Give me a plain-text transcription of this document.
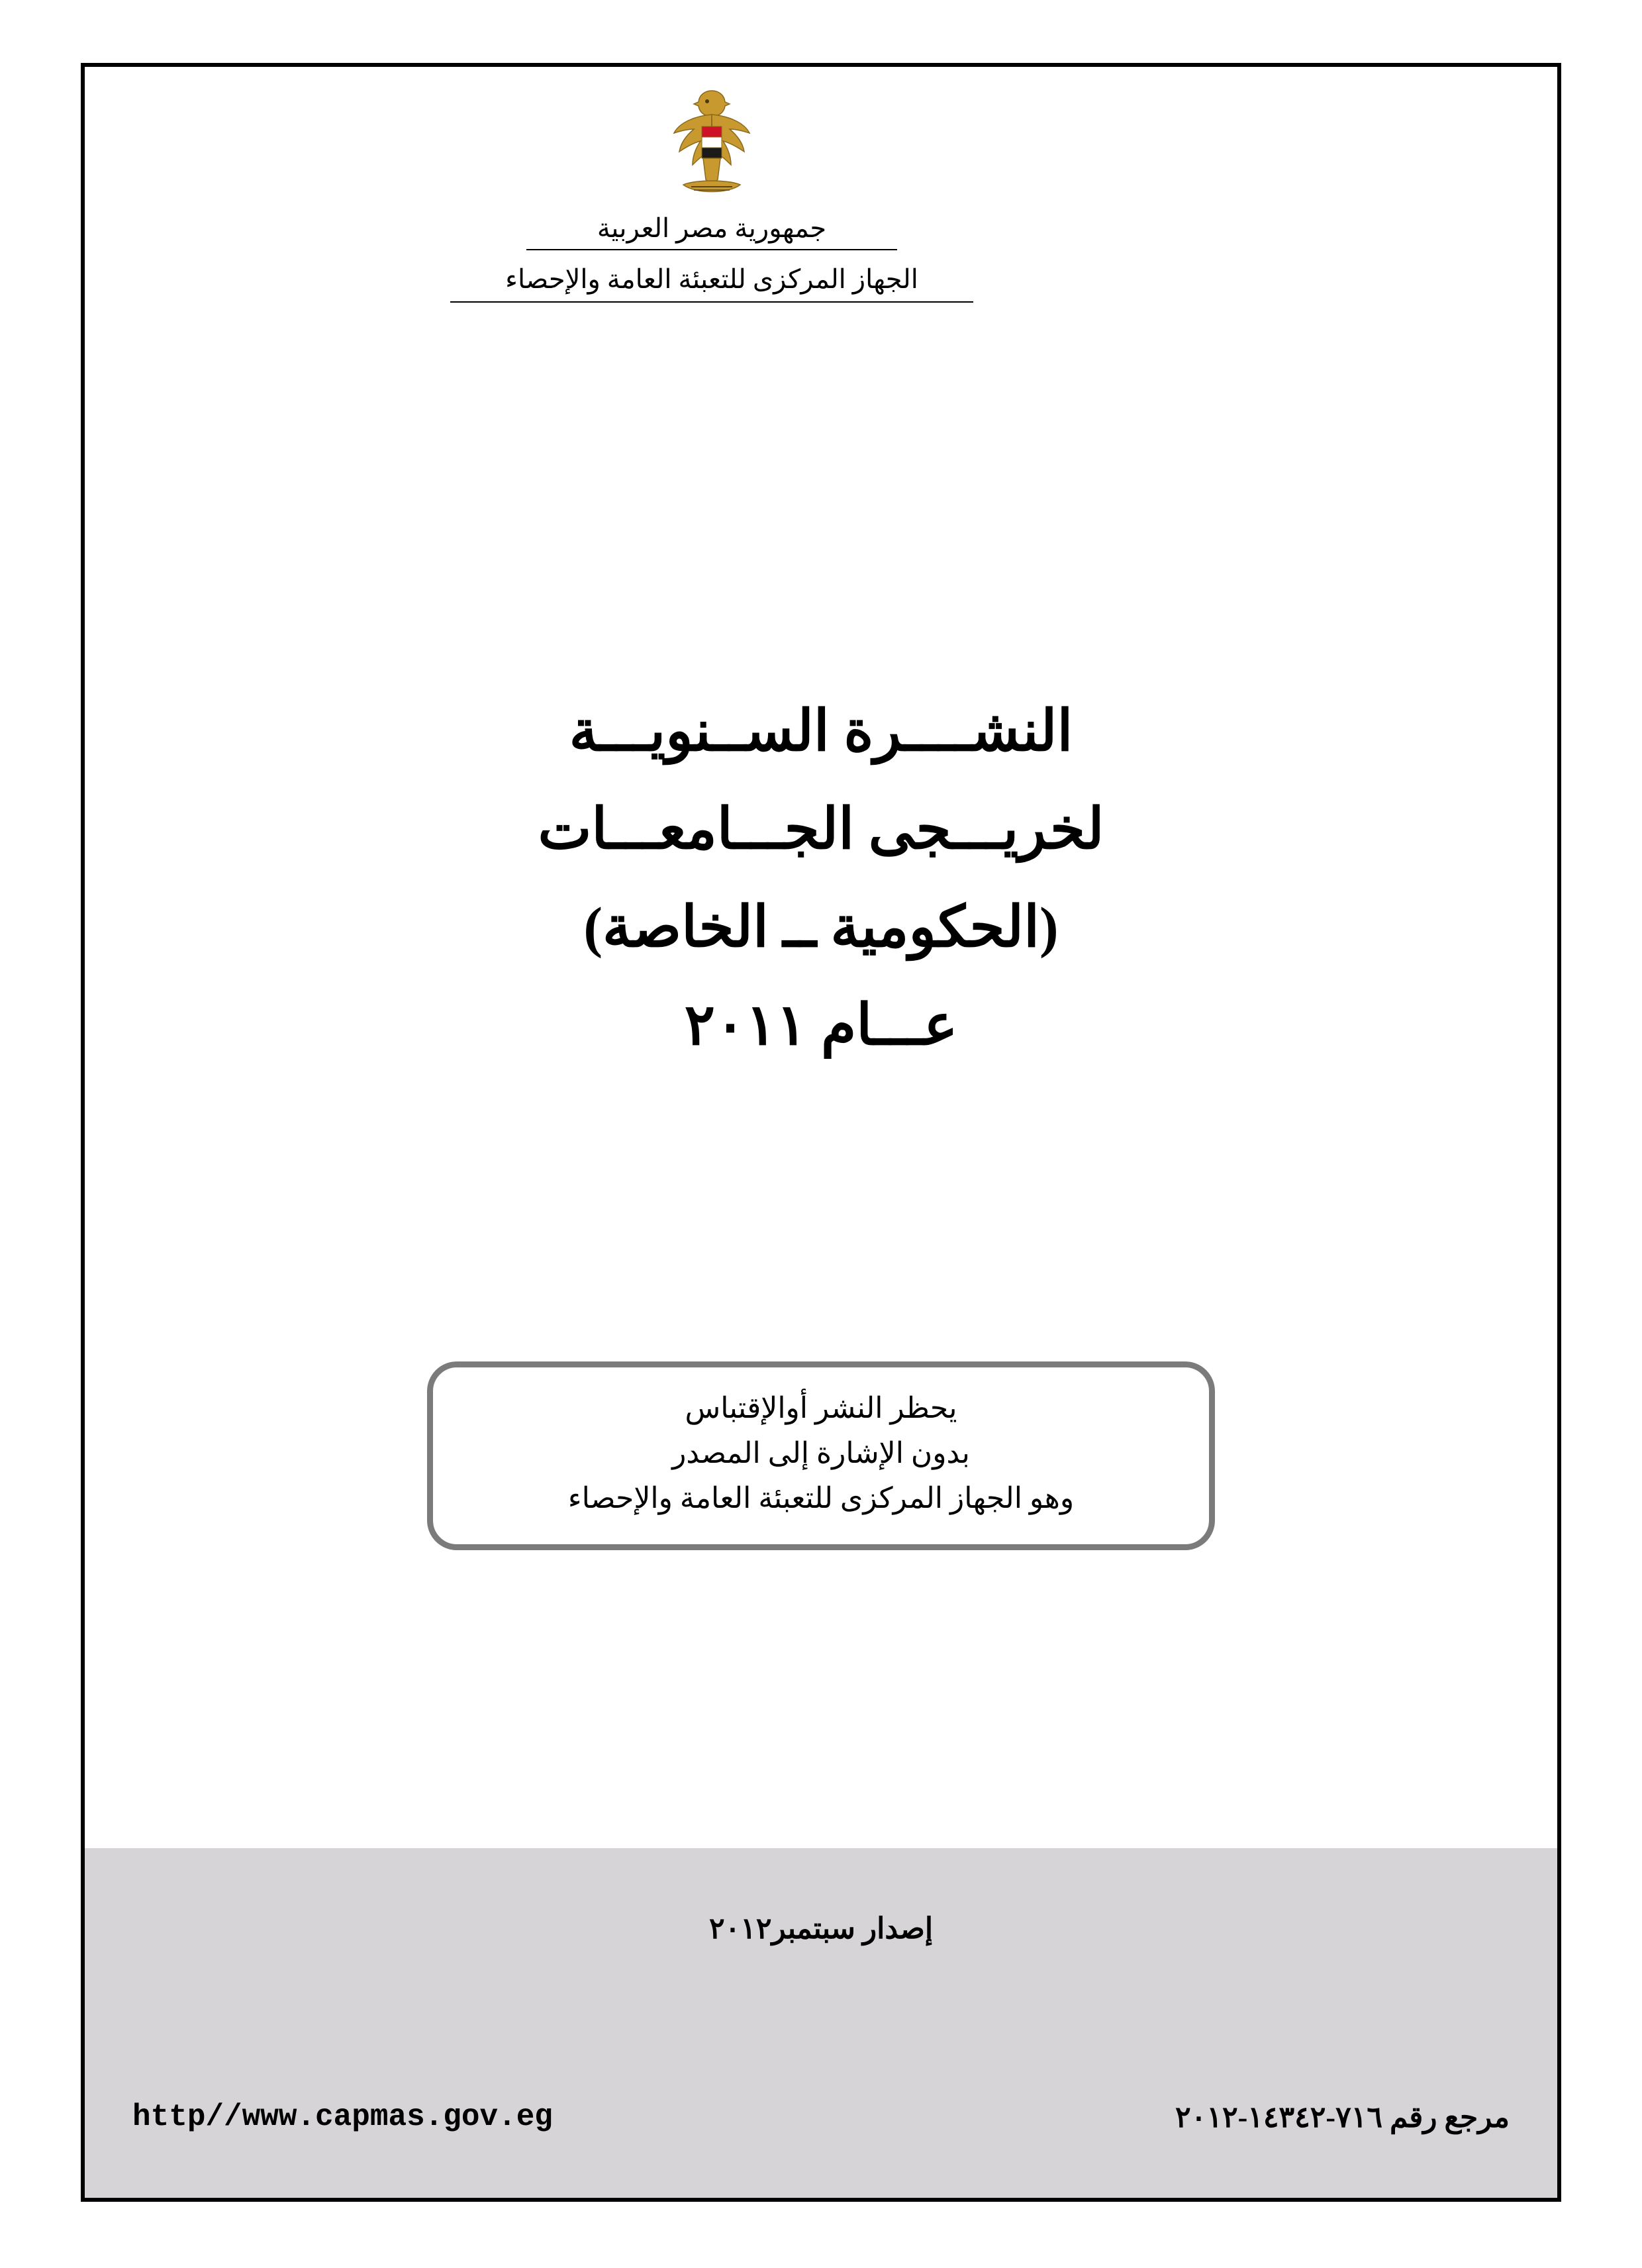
جمهورية مصر العربية
الجهاز المركزى للتعبئة العامة والإحصاء
النشــــرة الســنويـــة
لخريـــجى الجـــامعـــات
(الحكومية ــ الخاصة)
عـــام ٢٠١١
يحظر النشر أوالإقتباس
بدون الإشارة إلى المصدر
وهو الجهاز المركزى للتعبئة العامة والإحصاء
إصدار سبتمبر٢٠١٢
مرجع رقم ٧١٦-١٤٣٤٢-٢٠١٢
http//www.capmas.gov.eg
